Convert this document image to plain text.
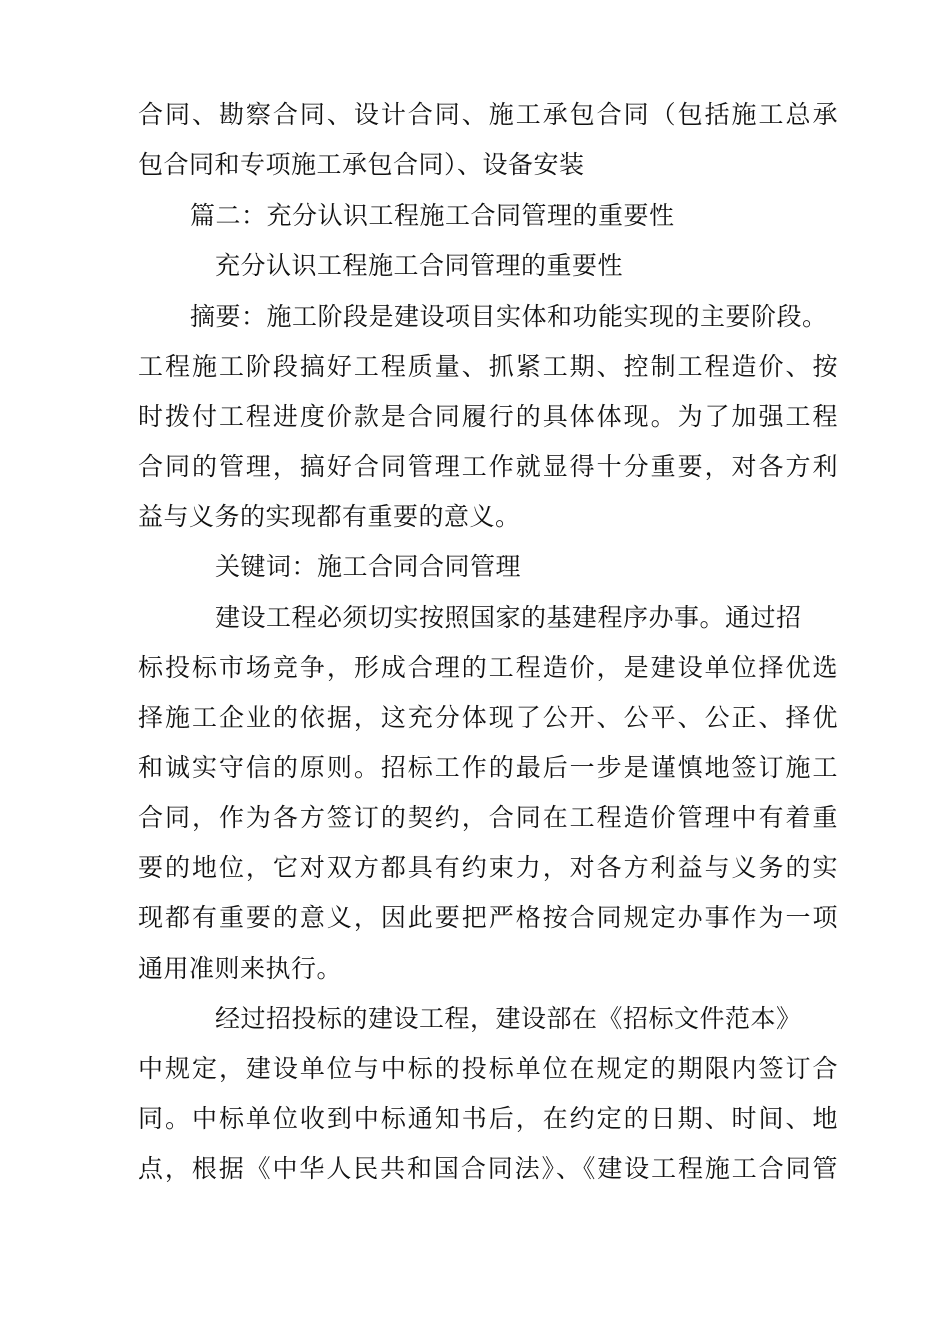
合同、勘察合同、设计合同、施工承包合同（包括施工总承
包合同和专项施工承包合同）、设备安装
篇二：充分认识工程施工合同管理的重要性
充分认识工程施工合同管理的重要性
摘要：施工阶段是建设项目实体和功能实现的主要阶段。
工程施工阶段搞好工程质量、抓紧工期、控制工程造价、按
时拨付工程进度价款是合同履行的具体体现。为了加强工程
合同的管理，搞好合同管理工作就显得十分重要，对各方利
益与义务的实现都有重要的意义。
关键词：施工合同合同管理
建设工程必须切实按照国家的基建程序办事。通过招
标投标市场竞争，形成合理的工程造价，是建设单位择优选
择施工企业的依据，这充分体现了公开、公平、公正、择优
和诚实守信的原则。招标工作的最后一步是谨慎地签订施工
合同，作为各方签订的契约，合同在工程造价管理中有着重
要的地位，它对双方都具有约束力，对各方利益与义务的实
现都有重要的意义，因此要把严格按合同规定办事作为一项
通用准则来执行。
经过招投标的建设工程，建设部在《招标文件范本》
中规定，建设单位与中标的投标单位在规定的期限内签订合
同。中标单位收到中标通知书后，在约定的日期、时间、地
点，根据《中华人民共和国合同法》、《建设工程施工合同管
